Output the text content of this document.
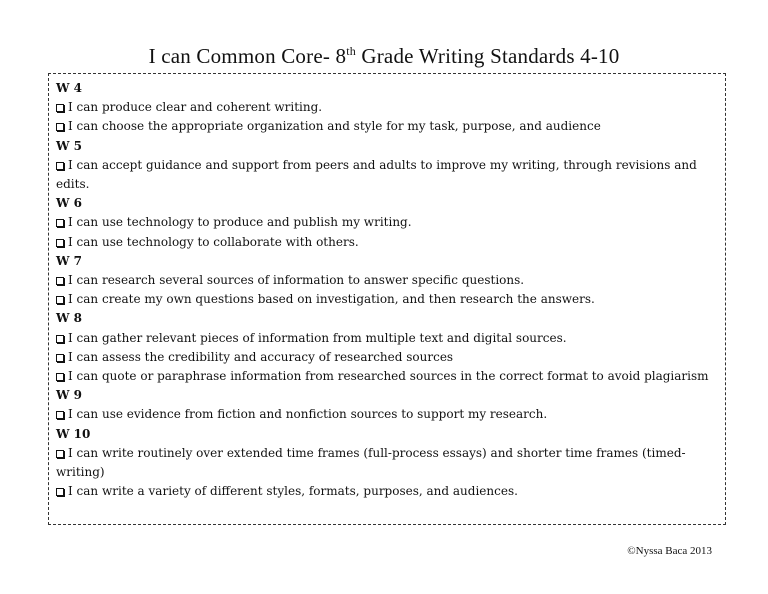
I can Common Core- 8th Grade Writing Standards 4-10
W 4
I can produce clear and coherent writing.
I can choose the appropriate organization and style for my task, purpose, and audience
W 5
I can accept guidance and support from peers and adults to improve my writing, through revisions and edits.
W 6
I can use technology to produce and publish my writing.
I can use technology to collaborate with others.
W 7
I can research several sources of information to answer specific questions.
I can create my own questions based on investigation, and then research the answers.
W 8
I can gather relevant pieces of information from multiple text and digital sources.
I can assess the credibility and accuracy of researched sources
I can quote or paraphrase information from researched sources in the correct format to avoid plagiarism
W 9
I can use evidence from fiction and nonfiction sources to support my research.
W 10
I can write routinely over extended time frames (full-process essays) and shorter time frames (timed-writing)
I can write a variety of different styles, formats, purposes, and audiences.
©Nyssa Baca 2013
